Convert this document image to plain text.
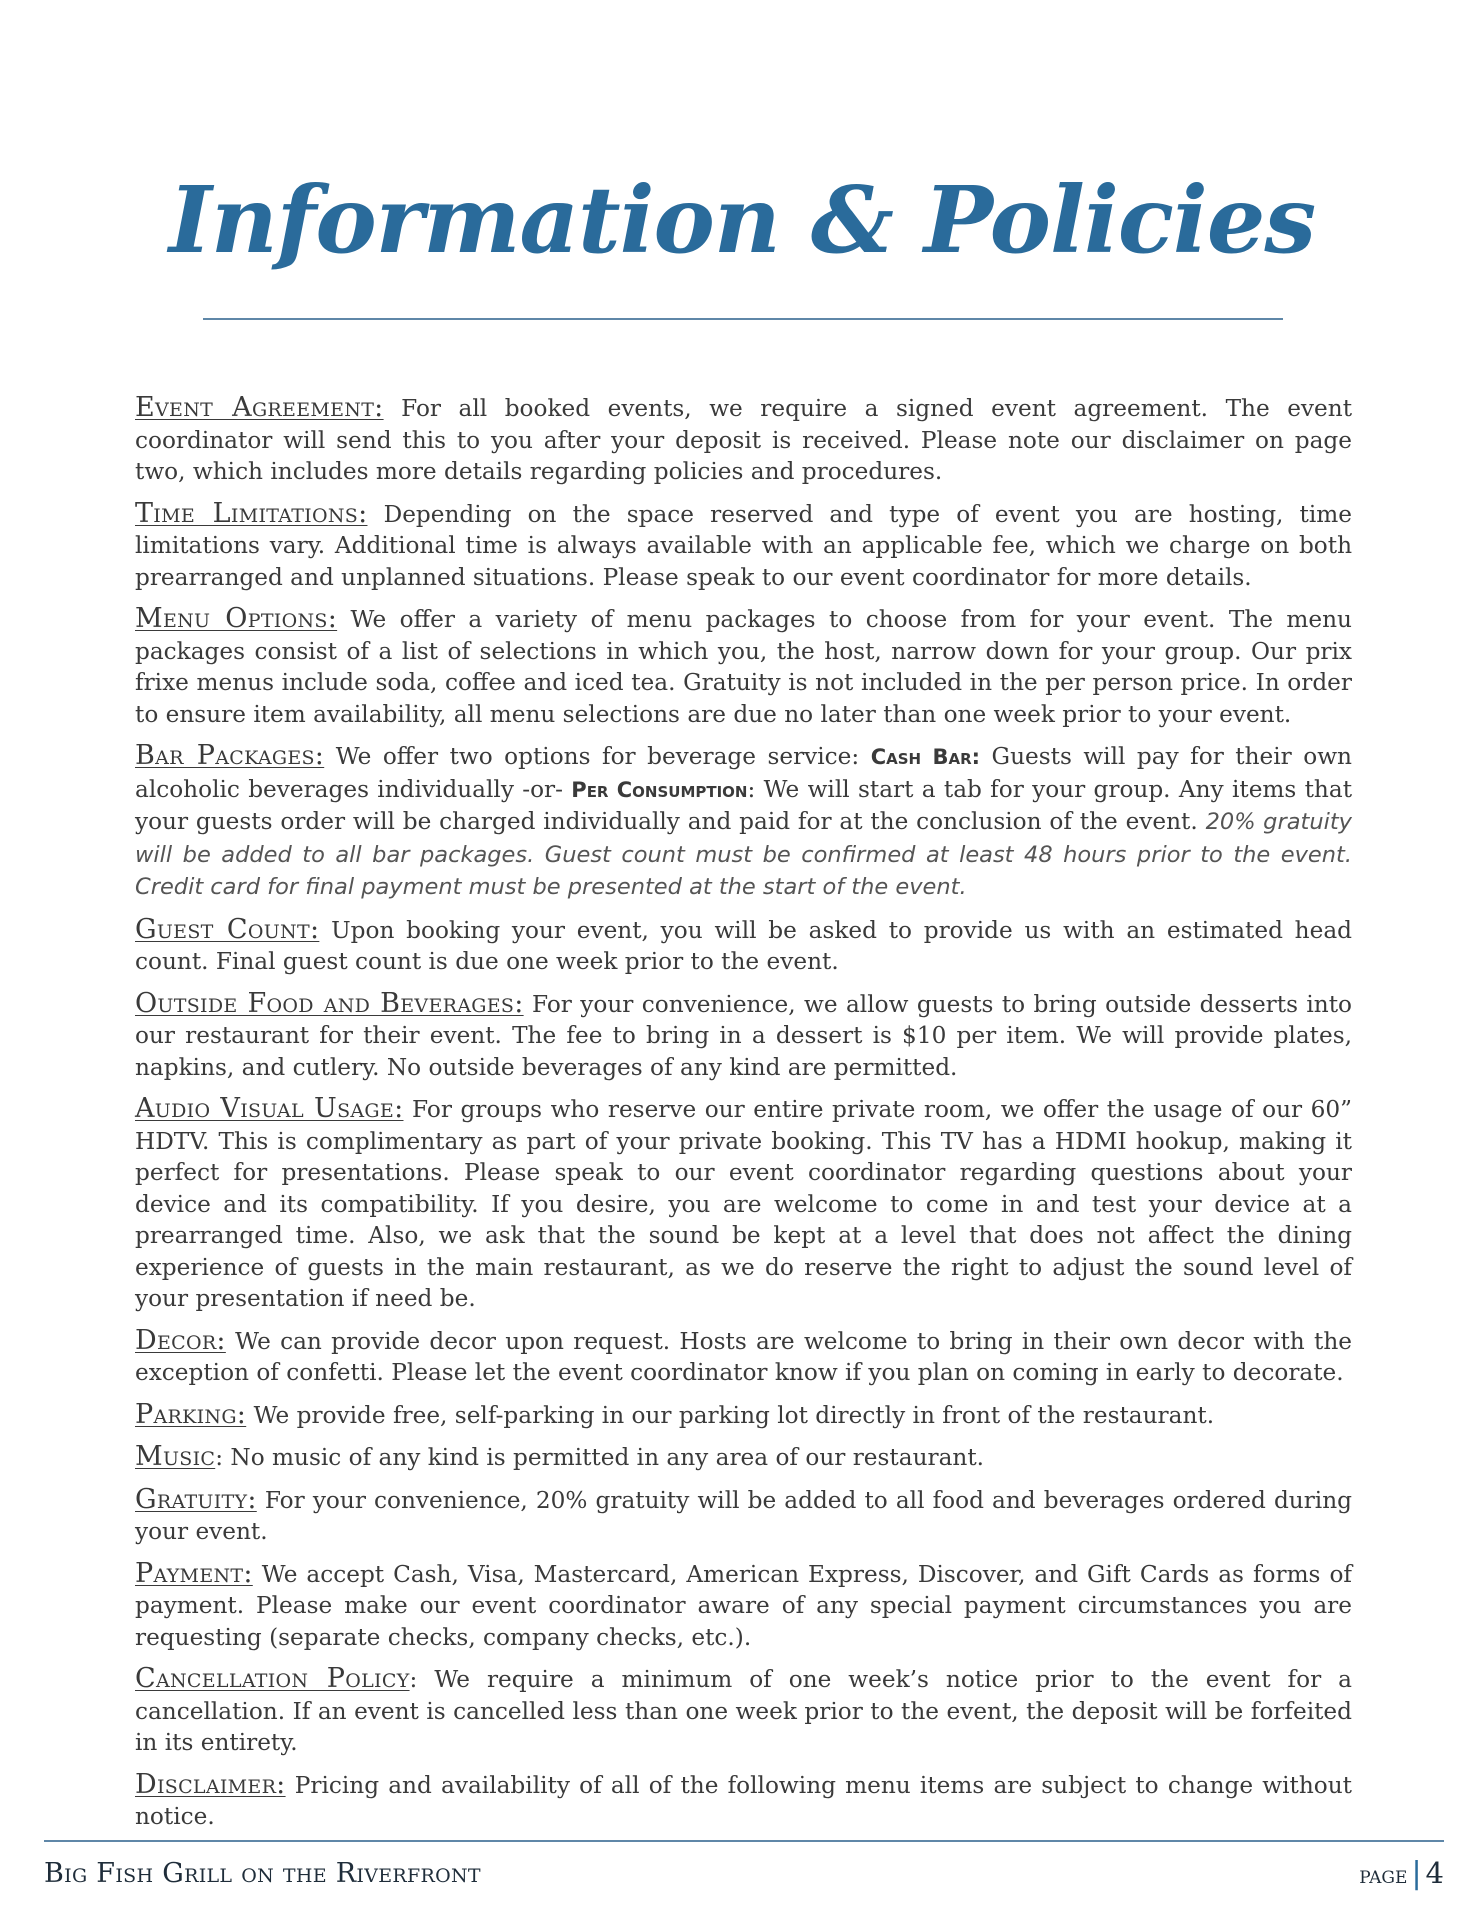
Information & Policies

Event Agreement: For all booked events, we require a signed event agreement. The event coordinator will send this to you after your deposit is received. Please note our disclaimer on page two, which includes more details regarding policies and procedures.

Time Limitations: Depending on the space reserved and type of event you are hosting, time limitations vary. Additional time is always available with an applicable fee, which we charge on both prearranged and unplanned situations. Please speak to our event coordinator for more details.

Menu Options: We offer a variety of menu packages to choose from for your event. The menu packages consist of a list of selections in which you, the host, narrow down for your group. Our prix frixe menus include soda, coffee and iced tea. Gratuity is not included in the per person price. In order to ensure item availability, all menu selections are due no later than one week prior to your event.

Bar Packages: We offer two options for beverage service: Cash Bar: Guests will pay for their own alcoholic beverages individually -or- Per Consumption: We will start a tab for your group. Any items that your guests order will be charged individually and paid for at the conclusion of the event. 20% gratuity will be added to all bar packages. Guest count must be confirmed at least 48 hours prior to the event. Credit card for final payment must be presented at the start of the event.

Guest Count: Upon booking your event, you will be asked to provide us with an estimated head count. Final guest count is due one week prior to the event.

Outside Food and Beverages: For your convenience, we allow guests to bring outside desserts into our restaurant for their event. The fee to bring in a dessert is $10 per item. We will provide plates, napkins, and cutlery. No outside beverages of any kind are permitted.

Audio Visual Usage: For groups who reserve our entire private room, we offer the usage of our 60” HDTV. This is complimentary as part of your private booking. This TV has a HDMI hookup, making it perfect for presentations. Please speak to our event coordinator regarding questions about your device and its compatibility. If you desire, you are welcome to come in and test your device at a prearranged time. Also, we ask that the sound be kept at a level that does not affect the dining experience of guests in the main restaurant, as we do reserve the right to adjust the sound level of your presentation if need be.

Decor: We can provide decor upon request. Hosts are welcome to bring in their own decor with the exception of confetti. Please let the event coordinator know if you plan on coming in early to decorate.

Parking: We provide free, self-parking in our parking lot directly in front of the restaurant.

Music: No music of any kind is permitted in any area of our restaurant.

Gratuity: For your convenience, 20% gratuity will be added to all food and beverages ordered during your event.

Payment: We accept Cash, Visa, Mastercard, American Express, Discover, and Gift Cards as forms of payment. Please make our event coordinator aware of any special payment circumstances you are requesting (separate checks, company checks, etc.).

Cancellation Policy: We require a minimum of one week’s notice prior to the event for a cancellation. If an event is cancelled less than one week prior to the event, the deposit will be forfeited in its entirety.

Disclaimer: Pricing and availability of all of the following menu items are subject to change without notice.

Big Fish Grill on the Riverfront	page | 4
